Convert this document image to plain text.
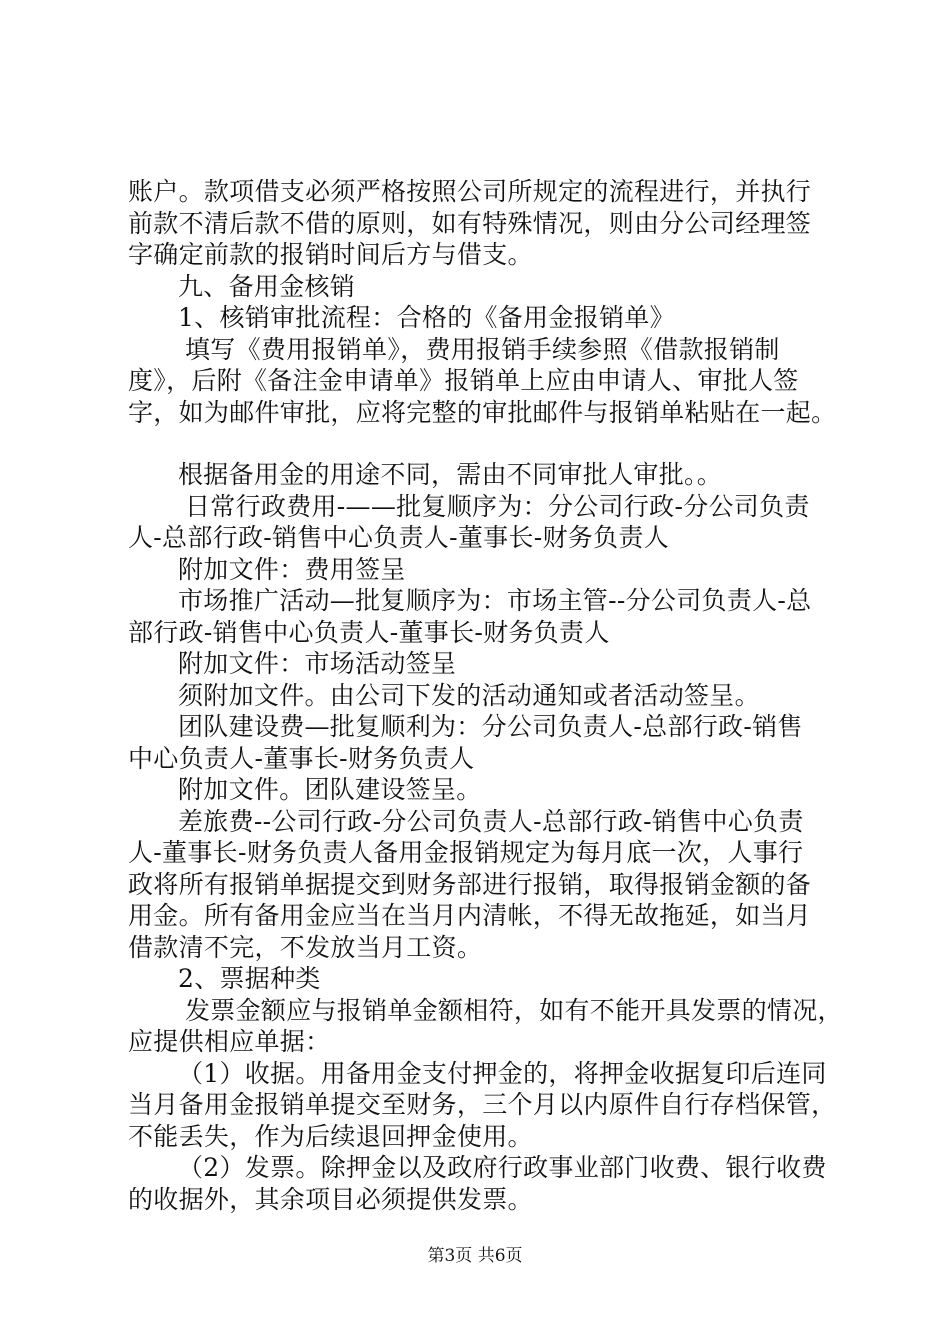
账户。款项借支必须严格按照公司所规定的流程进行，并执行
前款不清后款不借的原则，如有特殊情况，则由分公司经理签
字确定前款的报销时间后方与借支。
九、备用金核销
1、核销审批流程：合格的《备用金报销单》
填写《费用报销单》，费用报销手续参照《借款报销制
度》，后附《备注金申请单》报销单上应由申请人、审批人签
字，如为邮件审批，应将完整的审批邮件与报销单粘贴在一起。
根据备用金的用途不同，需由不同审批人审批。。
日常行政费用-——批复顺序为：分公司行政-分公司负责
人-总部行政-销售中心负责人-董事长-财务负责人
附加文件：费用签呈
市场推广活动—批复顺序为：市场主管--分公司负责人-总
部行政-销售中心负责人-董事长-财务负责人
附加文件：市场活动签呈
须附加文件。由公司下发的活动通知或者活动签呈。
团队建设费—批复顺利为：分公司负责人-总部行政-销售
中心负责人-董事长-财务负责人
附加文件。团队建设签呈。
差旅费--公司行政-分公司负责人-总部行政-销售中心负责
人-董事长-财务负责人备用金报销规定为每月底一次，人事行
政将所有报销单据提交到财务部进行报销，取得报销金额的备
用金。所有备用金应当在当月内清帐，不得无故拖延，如当月
借款清不完，不发放当月工资。
2、票据种类
发票金额应与报销单金额相符，如有不能开具发票的情况，
应提供相应单据：
（1）收据。用备用金支付押金的，将押金收据复印后连同
当月备用金报销单提交至财务，三个月以内原件自行存档保管，
不能丢失，作为后续退回押金使用。
（2）发票。除押金以及政府行政事业部门收费、银行收费
的收据外，其余项目必须提供发票。
第3页 共6页
